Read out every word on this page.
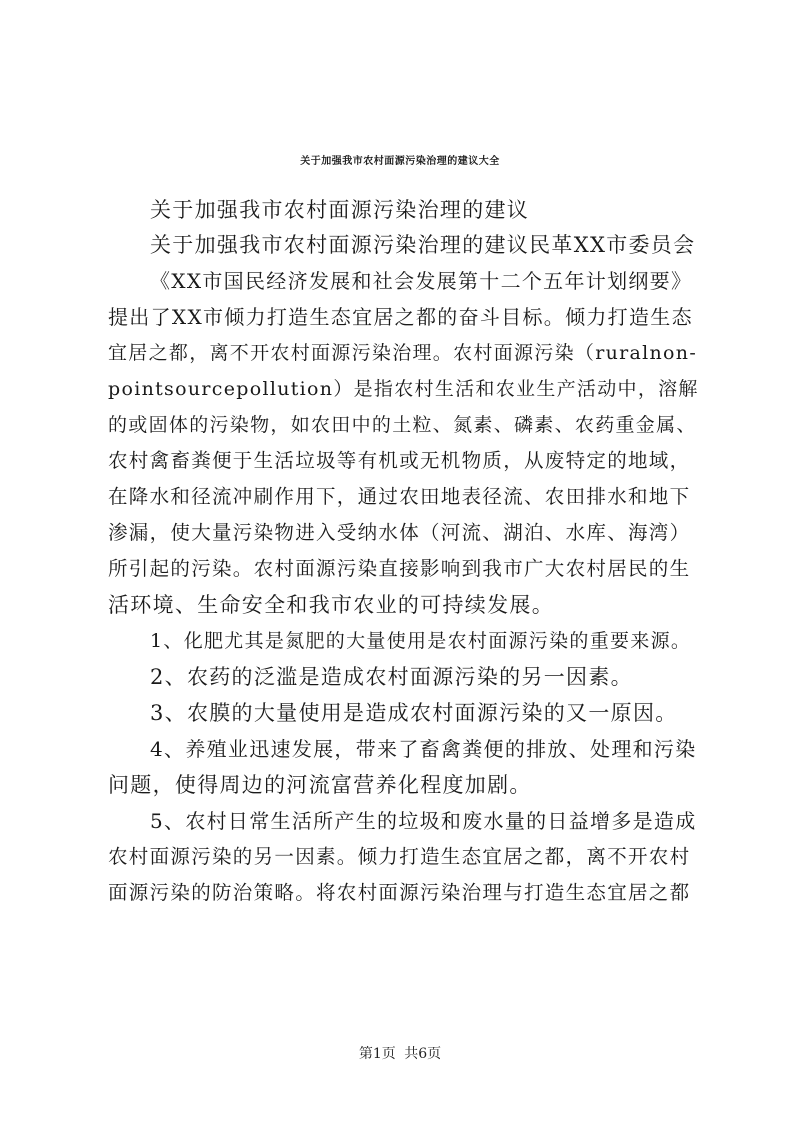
关于加强我市农村面源污染治理的建议大全
关于加强我市农村面源污染治理的建议
关于加强我市农村面源污染治理的建议民革XX市委员会
《XX市国民经济发展和社会发展第十二个五年计划纲要》
提出了XX市倾力打造生态宜居之都的奋斗目标。倾力打造生态
宜居之都，离不开农村面源污染治理。农村面源污染（ruralnon-
pointsourcepollution）是指农村生活和农业生产活动中，溶解
的或固体的污染物，如农田中的土粒、氮素、磷素、农药重金属、
农村禽畜粪便于生活垃圾等有机或无机物质，从废特定的地域，
在降水和径流冲刷作用下，通过农田地表径流、农田排水和地下
渗漏，使大量污染物进入受纳水体（河流、湖泊、水库、海湾）
所引起的污染。农村面源污染直接影响到我市广大农村居民的生
活环境、生命安全和我市农业的可持续发展。
1、化肥尤其是氮肥的大量使用是农村面源污染的重要来源。
2、农药的泛滥是造成农村面源污染的另一因素。
3、农膜的大量使用是造成农村面源污染的又一原因。
4、养殖业迅速发展，带来了畜禽粪便的排放、处理和污染
问题，使得周边的河流富营养化程度加剧。
5、农村日常生活所产生的垃圾和废水量的日益增多是造成
农村面源污染的另一因素。倾力打造生态宜居之都，离不开农村
面源污染的防治策略。将农村面源污染治理与打造生态宜居之都
第1页 共6页
